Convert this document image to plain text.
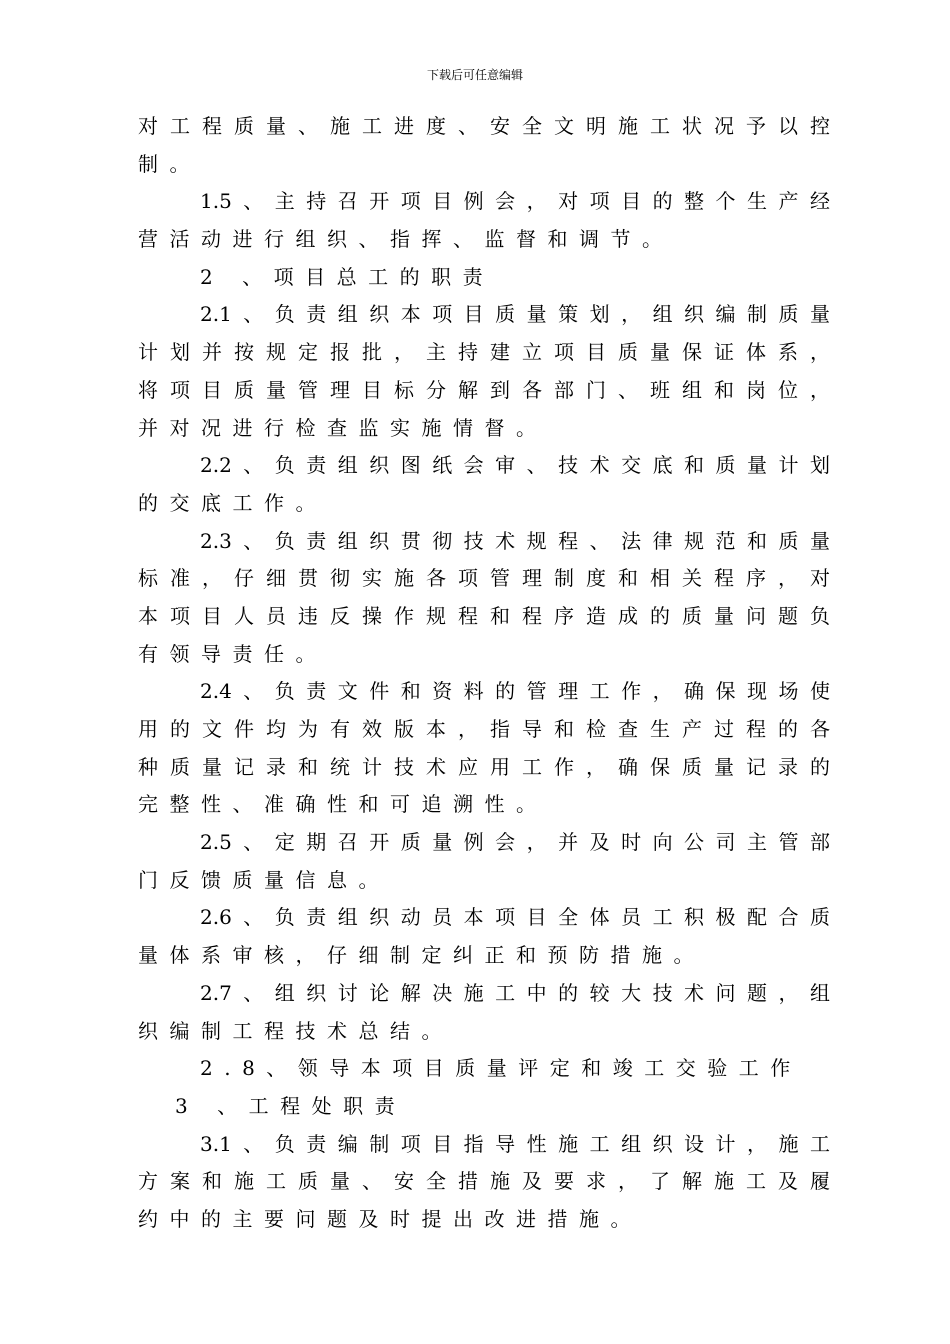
下载后可任意编辑
对工程质量、施工进度、安全文明施工状况予以控
制。
1.5、主持召开项目例会，对项目的整个生产经
营活动进行组织、指挥、监督和调节。
2 、项目总工的职责
2.1、负责组织本项目质量策划，组织编制质量
计划并按规定报批，主持建立项目质量保证体系，
将项目质量管理目标分解到各部门、班组和岗位，
并对况进行检查监实施情督。
2.2、负责组织图纸会审、技术交底和质量计划
的交底工作。
2.3、负责组织贯彻技术规程、法律规范和质量
标准，仔细贯彻实施各项管理制度和相关程序，对
本项目人员违反操作规程和程序造成的质量问题负
有领导责任。
2.4、负责文件和资料的管理工作，确保现场使
用的文件均为有效版本，指导和检查生产过程的各
种质量记录和统计技术应用工作，确保质量记录的
完整性、准确性和可追溯性。
2.5、定期召开质量例会，并及时向公司主管部
门反馈质量信息。
2.6、负责组织动员本项目全体员工积极配合质
量体系审核，仔细制定纠正和预防措施。
2.7、组织讨论解决施工中的较大技术问题，组
织编制工程技术总结。
2.8、领导本项目质量评定和竣工交验工作
3 、工程处职责
3.1、负责编制项目指导性施工组织设计，施工
方案和施工质量、安全措施及要求，了解施工及履
约中的主要问题及时提出改进措施。
